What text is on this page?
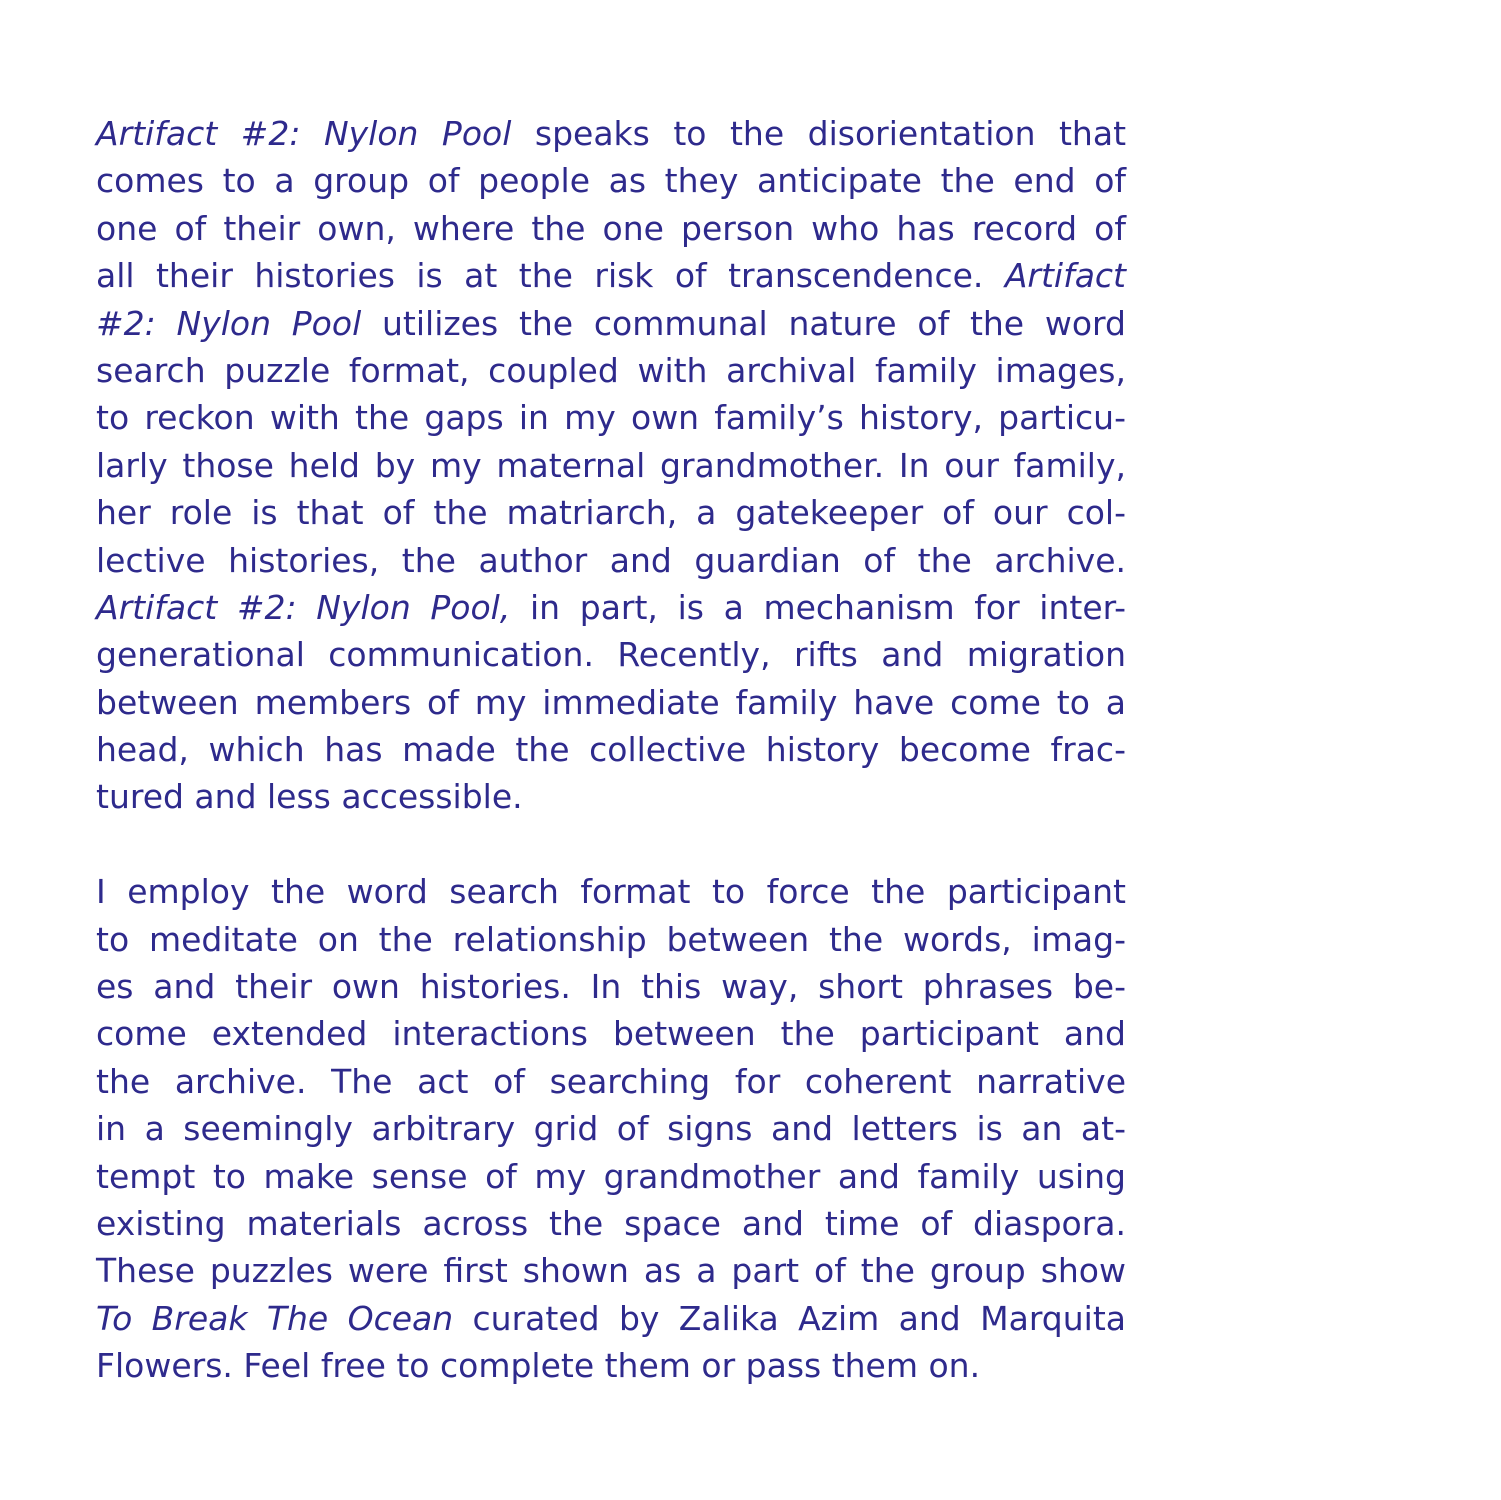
Artifact #2: Nylon Pool speaks to the disorientation that
comes to a group of people as they anticipate the end of
one of their own, where the one person who has record of
all their histories is at the risk of transcendence. Artifact
#2: Nylon Pool utilizes the communal nature of the word
search puzzle format, coupled with archival family images,
to reckon with the gaps in my own family’s history, particu-
larly those held by my maternal grandmother. In our family,
her role is that of the matriarch, a gatekeeper of our col-
lective histories, the author and guardian of the archive.
Artifact #2: Nylon Pool, in part, is a mechanism for inter-
generational communication. Recently, rifts and migration
between members of my immediate family have come to a
head, which has made the collective history become frac-
tured and less accessible.
I employ the word search format to force the participant
to meditate on the relationship between the words, imag-
es and their own histories. In this way, short phrases be-
come extended interactions between the participant and
the archive. The act of searching for coherent narrative
in a seemingly arbitrary grid of signs and letters is an at-
tempt to make sense of my grandmother and family using
existing materials across the space and time of diaspora.
These puzzles were first shown as a part of the group show
To Break The Ocean curated by Zalika Azim and Marquita
Flowers. Feel free to complete them or pass them on.
